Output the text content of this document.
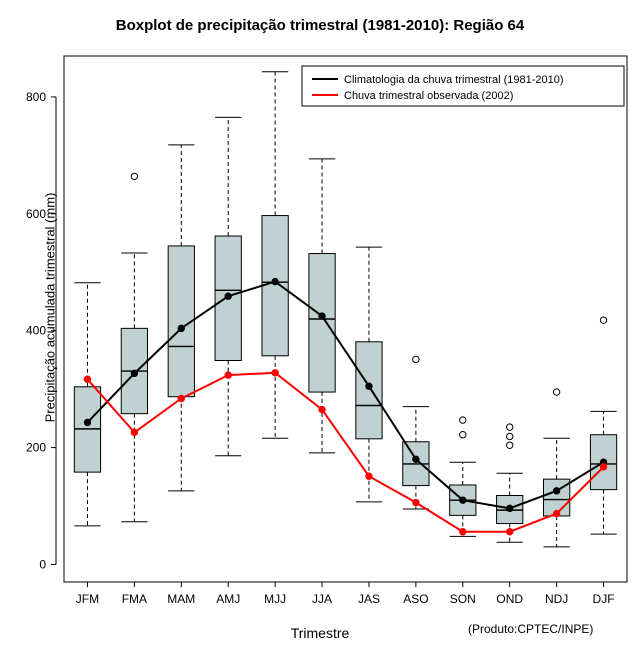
Boxplot de precipitação trimestral (1981-2010): Região 64
Precipitação acumulada trimestral (mm)
Trimestre	(Produto:CPTEC/INPE)
0
200
400
600
800
JFM FMA MAM AMJ MJJ JJA JAS ASO SON OND NDJ DJF
Climatologia da chuva trimestral (1981-2010)
Chuva trimestral observada (2002)
